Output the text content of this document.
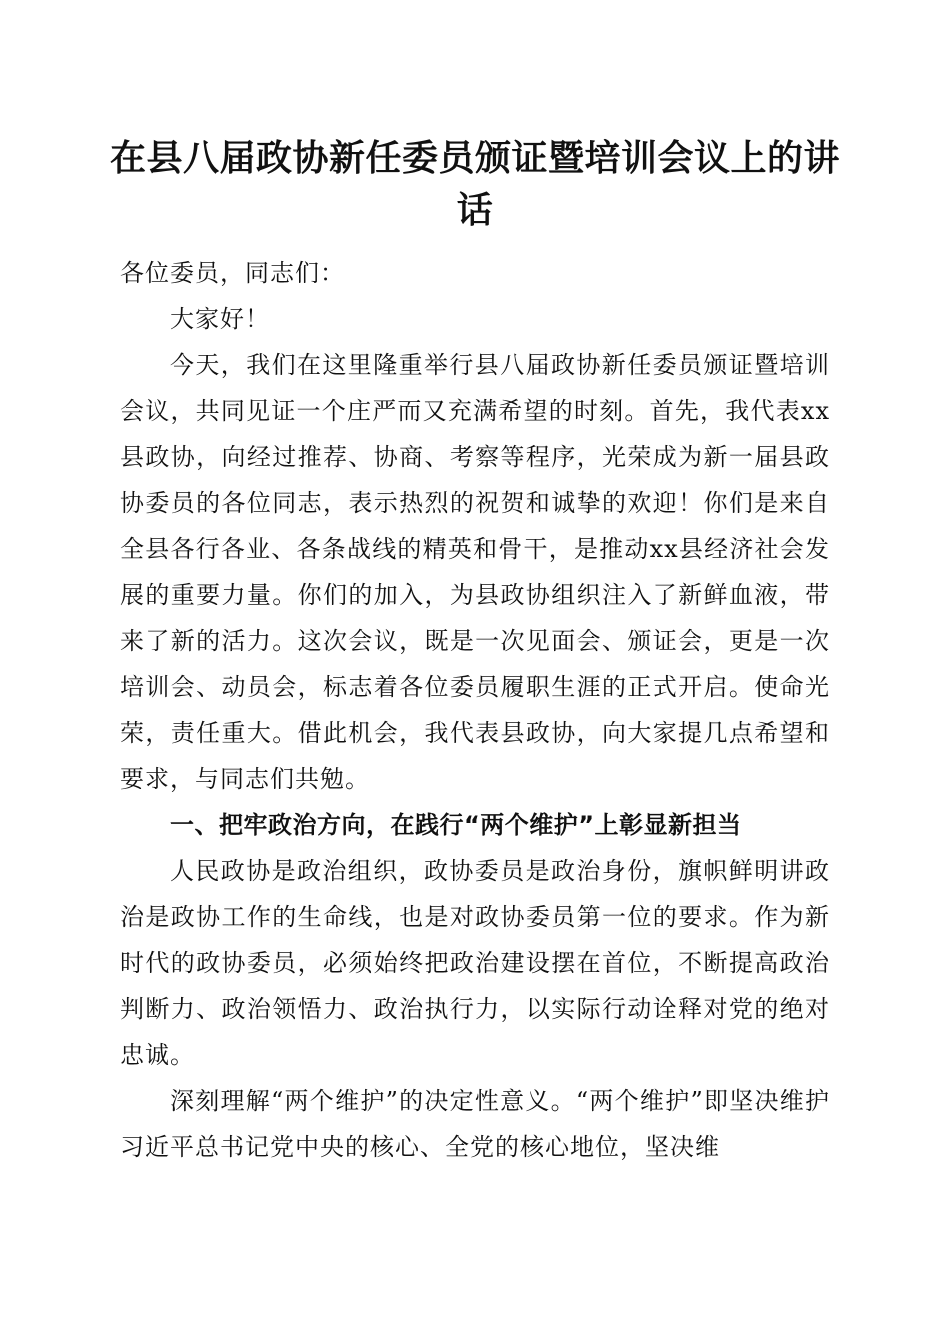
在县八届政协新任委员颁证暨培训会议上的讲话

各位委员，同志们：

大家好！

今天，我们在这里隆重举行县八届政协新任委员颁证暨培训会议，共同见证一个庄严而又充满希望的时刻。首先，我代表xx县政协，向经过推荐、协商、考察等程序，光荣成为新一届县政协委员的各位同志，表示热烈的祝贺和诚挚的欢迎！你们是来自全县各行各业、各条战线的精英和骨干，是推动xx县经济社会发展的重要力量。你们的加入，为县政协组织注入了新鲜血液，带来了新的活力。这次会议，既是一次见面会、颁证会，更是一次培训会、动员会，标志着各位委员履职生涯的正式开启。使命光荣，责任重大。借此机会，我代表县政协，向大家提几点希望和要求，与同志们共勉。

一、把牢政治方向，在践行“两个维护”上彰显新担当

人民政协是政治组织，政协委员是政治身份，旗帜鲜明讲政治是政协工作的生命线，也是对政协委员第一位的要求。作为新时代的政协委员，必须始终把政治建设摆在首位，不断提高政治判断力、政治领悟力、政治执行力，以实际行动诠释对党的绝对忠诚。

深刻理解“两个维护”的决定性意义。“两个维护”即坚决维护习近平总书记党中央的核心、全党的核心地位，坚决维
